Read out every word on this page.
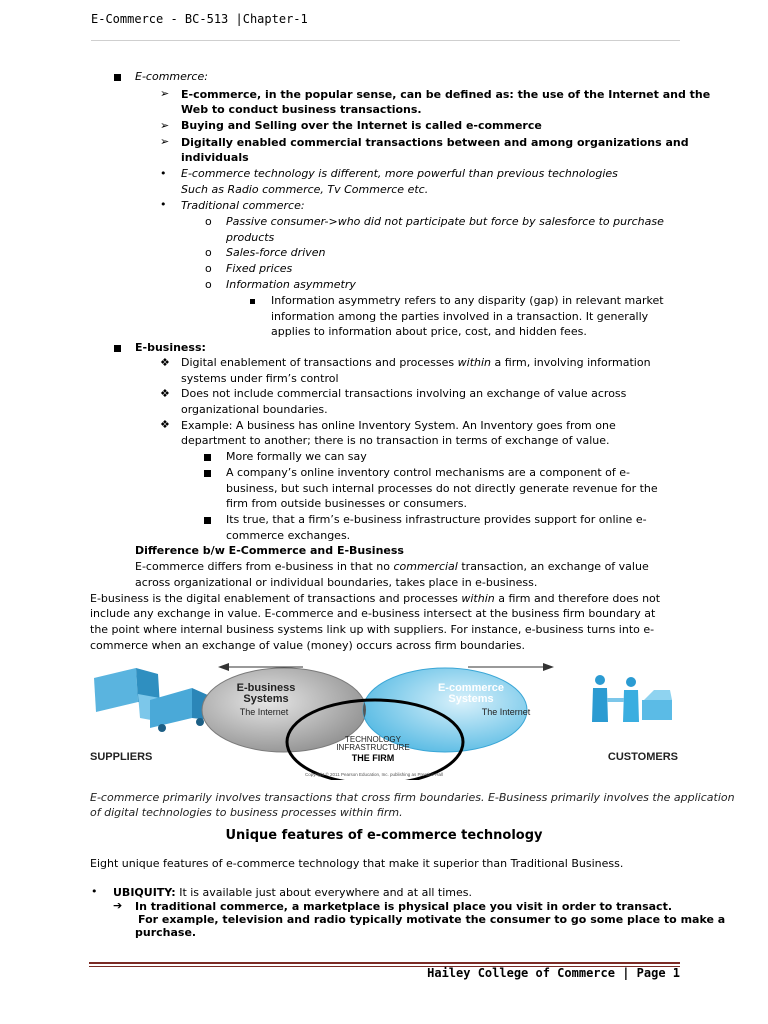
E-Commerce - BC-513 |Chapter-1
E-commerce:
➢ E-commerce, in the popular sense, can be defined as: the use of the Internet and the
Web to conduct business transactions.
➢ Buying and Selling over the Internet is called e-commerce
➢ Digitally enabled commercial transactions between and among organizations and
individuals
• E-commerce technology is different, more powerful than previous technologies
Such as Radio commerce, Tv Commerce etc.
• Traditional commerce:
o Passive consumer->who did not participate but force by salesforce to purchase
products
o Sales-force driven
o Fixed prices
o Information asymmetry
Information asymmetry refers to any disparity (gap) in relevant market
information among the parties involved in a transaction. It generally
applies to information about price, cost, and hidden fees.
E-business:
❖ Digital enablement of transactions and processes within a firm, involving information
systems under firm’s control
❖ Does not include commercial transactions involving an exchange of value across
organizational boundaries.
❖ Example: A business has online Inventory System. An Inventory goes from one
department to another; there is no transaction in terms of exchange of value.
More formally we can say
A company’s online inventory control mechanisms are a component of e-
business, but such internal processes do not directly generate revenue for the
firm from outside businesses or consumers.
Its true, that a firm’s e-business infrastructure provides support for online e-
commerce exchanges.
Difference b/w E-Commerce and E-Business
E-commerce differs from e-business in that no commercial transaction, an exchange of value
across organizational or individual boundaries, takes place in e-business.
E-business is the digital enablement of transactions and processes within a firm and therefore does not
include any exchange in value. E-commerce and e-business intersect at the business firm boundary at
the point where internal business systems link up with suppliers. For instance, e-business turns into e-
commerce when an exchange of value (money) occurs across firm boundaries.
E-business
Systems
The Internet
E-commerce
Systems
The Internet
TECHNOLOGY
INFRASTRUCTURE
THE FIRM
SUPPLIERS	CUSTOMERS
Copyright © 2011 Pearson Education, Inc. publishing as Prentice Hall
E-commerce primarily involves transactions that cross firm boundaries. E-Business primarily involves the application
of digital technologies to business processes within firm.
Unique features of e-commerce technology
Eight unique features of e-commerce technology that make it superior than Traditional Business.
• UBIQUITY: It is available just about everywhere and at all times.
➔ In traditional commerce, a marketplace is physical place you visit in order to transact.
For example, television and radio typically motivate the consumer to go some place to make a
purchase.
Hailey College of Commerce | Page 1
